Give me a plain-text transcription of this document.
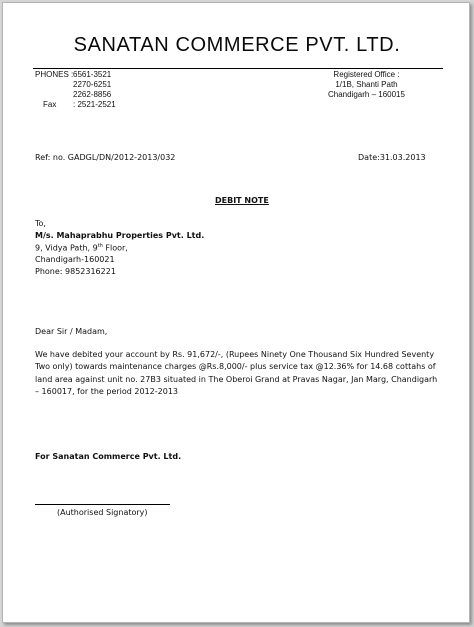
SANATAN COMMERCE PVT. LTD.
PHONES : 6561-3521
2270-6251
2262-8856
Fax	: 2521-2521
Registered Office :
1/1B, Shanti Path
Chandigarh – 160015
Ref: no. GADGL/DN/2012-2013/032	Date:31.03.2013
DEBIT NOTE
To,
M/s. Mahaprabhu Properties Pvt. Ltd.
9, Vidya Path, 9th Floor,
Chandigarh-160021
Phone: 9852316221
Dear Sir / Madam,
We have debited your account by Rs. 91,672/-, (Rupees Ninety One Thousand Six Hundred Seventy Two only) towards maintenance charges @Rs.8,000/- plus service tax @12.36% for 14.68 cottahs of land area against unit no. 27B3 situated in The Oberoi Grand at Pravas Nagar, Jan Marg, Chandigarh – 160017, for the period 2012-2013
For Sanatan Commerce Pvt. Ltd.
(Authorised Signatory)
